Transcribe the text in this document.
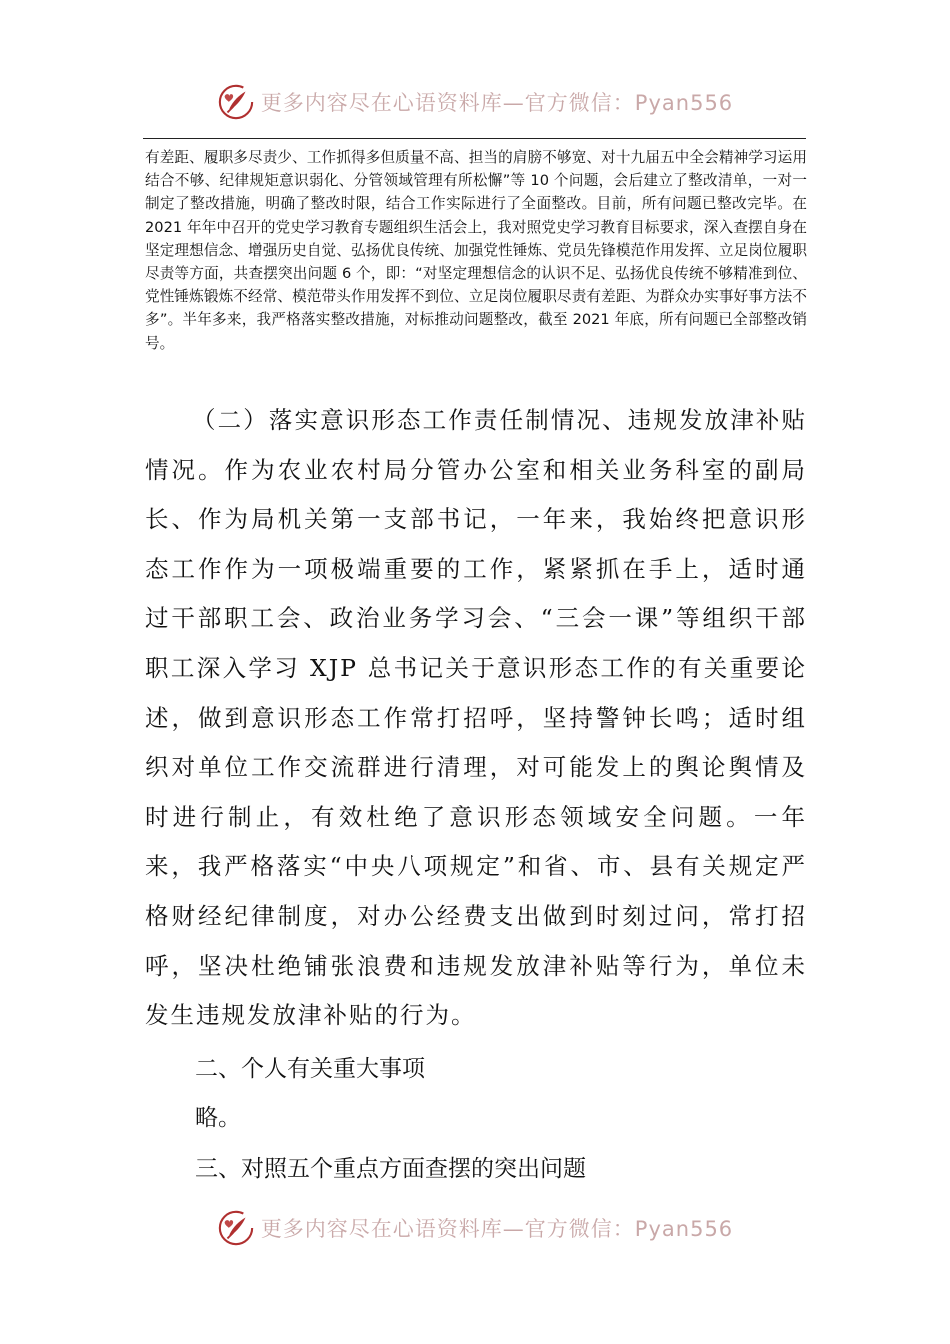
更多内容尽在心语资料库—官方微信：Pyan556

有差距、履职多尽责少、工作抓得多但质量不高、担当的肩膀不够宽、对十九届五中全会精神学习运用结合不够、纪律规矩意识弱化、分管领域管理有所松懈”等 10 个问题，会后建立了整改清单，一对一制定了整改措施，明确了整改时限，结合工作实际进行了全面整改。目前，所有问题已整改完毕。在 2021 年年中召开的党史学习教育专题组织生活会上，我对照党史学习教育目标要求，深入查摆自身在坚定理想信念、增强历史自觉、弘扬优良传统、加强党性锤炼、党员先锋模范作用发挥、立足岗位履职尽责等方面，共查摆突出问题 6 个，即：“对坚定理想信念的认识不足、弘扬优良传统不够精准到位、党性锤炼锻炼不经常、模范带头作用发挥不到位、立足岗位履职尽责有差距、为群众办实事好事方法不多”。半年多来，我严格落实整改措施，对标推动问题整改，截至 2021 年底，所有问题已全部整改销号。

（二）落实意识形态工作责任制情况、违规发放津补贴情况。作为农业农村局分管办公室和相关业务科室的副局长、作为局机关第一支部书记，一年来，我始终把意识形态工作作为一项极端重要的工作，紧紧抓在手上，适时通过干部职工会、政治业务学习会、“三会一课”等组织干部职工深入学习 XJP 总书记关于意识形态工作的有关重要论述，做到意识形态工作常打招呼，坚持警钟长鸣；适时组织对单位工作交流群进行清理，对可能发上的舆论舆情及时进行制止，有效杜绝了意识形态领域安全问题。一年来，我严格落实“中央八项规定”和省、市、县有关规定严格财经纪律制度，对办公经费支出做到时刻过问，常打招呼，坚决杜绝铺张浪费和违规发放津补贴等行为，单位未发生违规发放津补贴的行为。

二、个人有关重大事项

略。

三、对照五个重点方面查摆的突出问题

更多内容尽在心语资料库—官方微信：Pyan556
